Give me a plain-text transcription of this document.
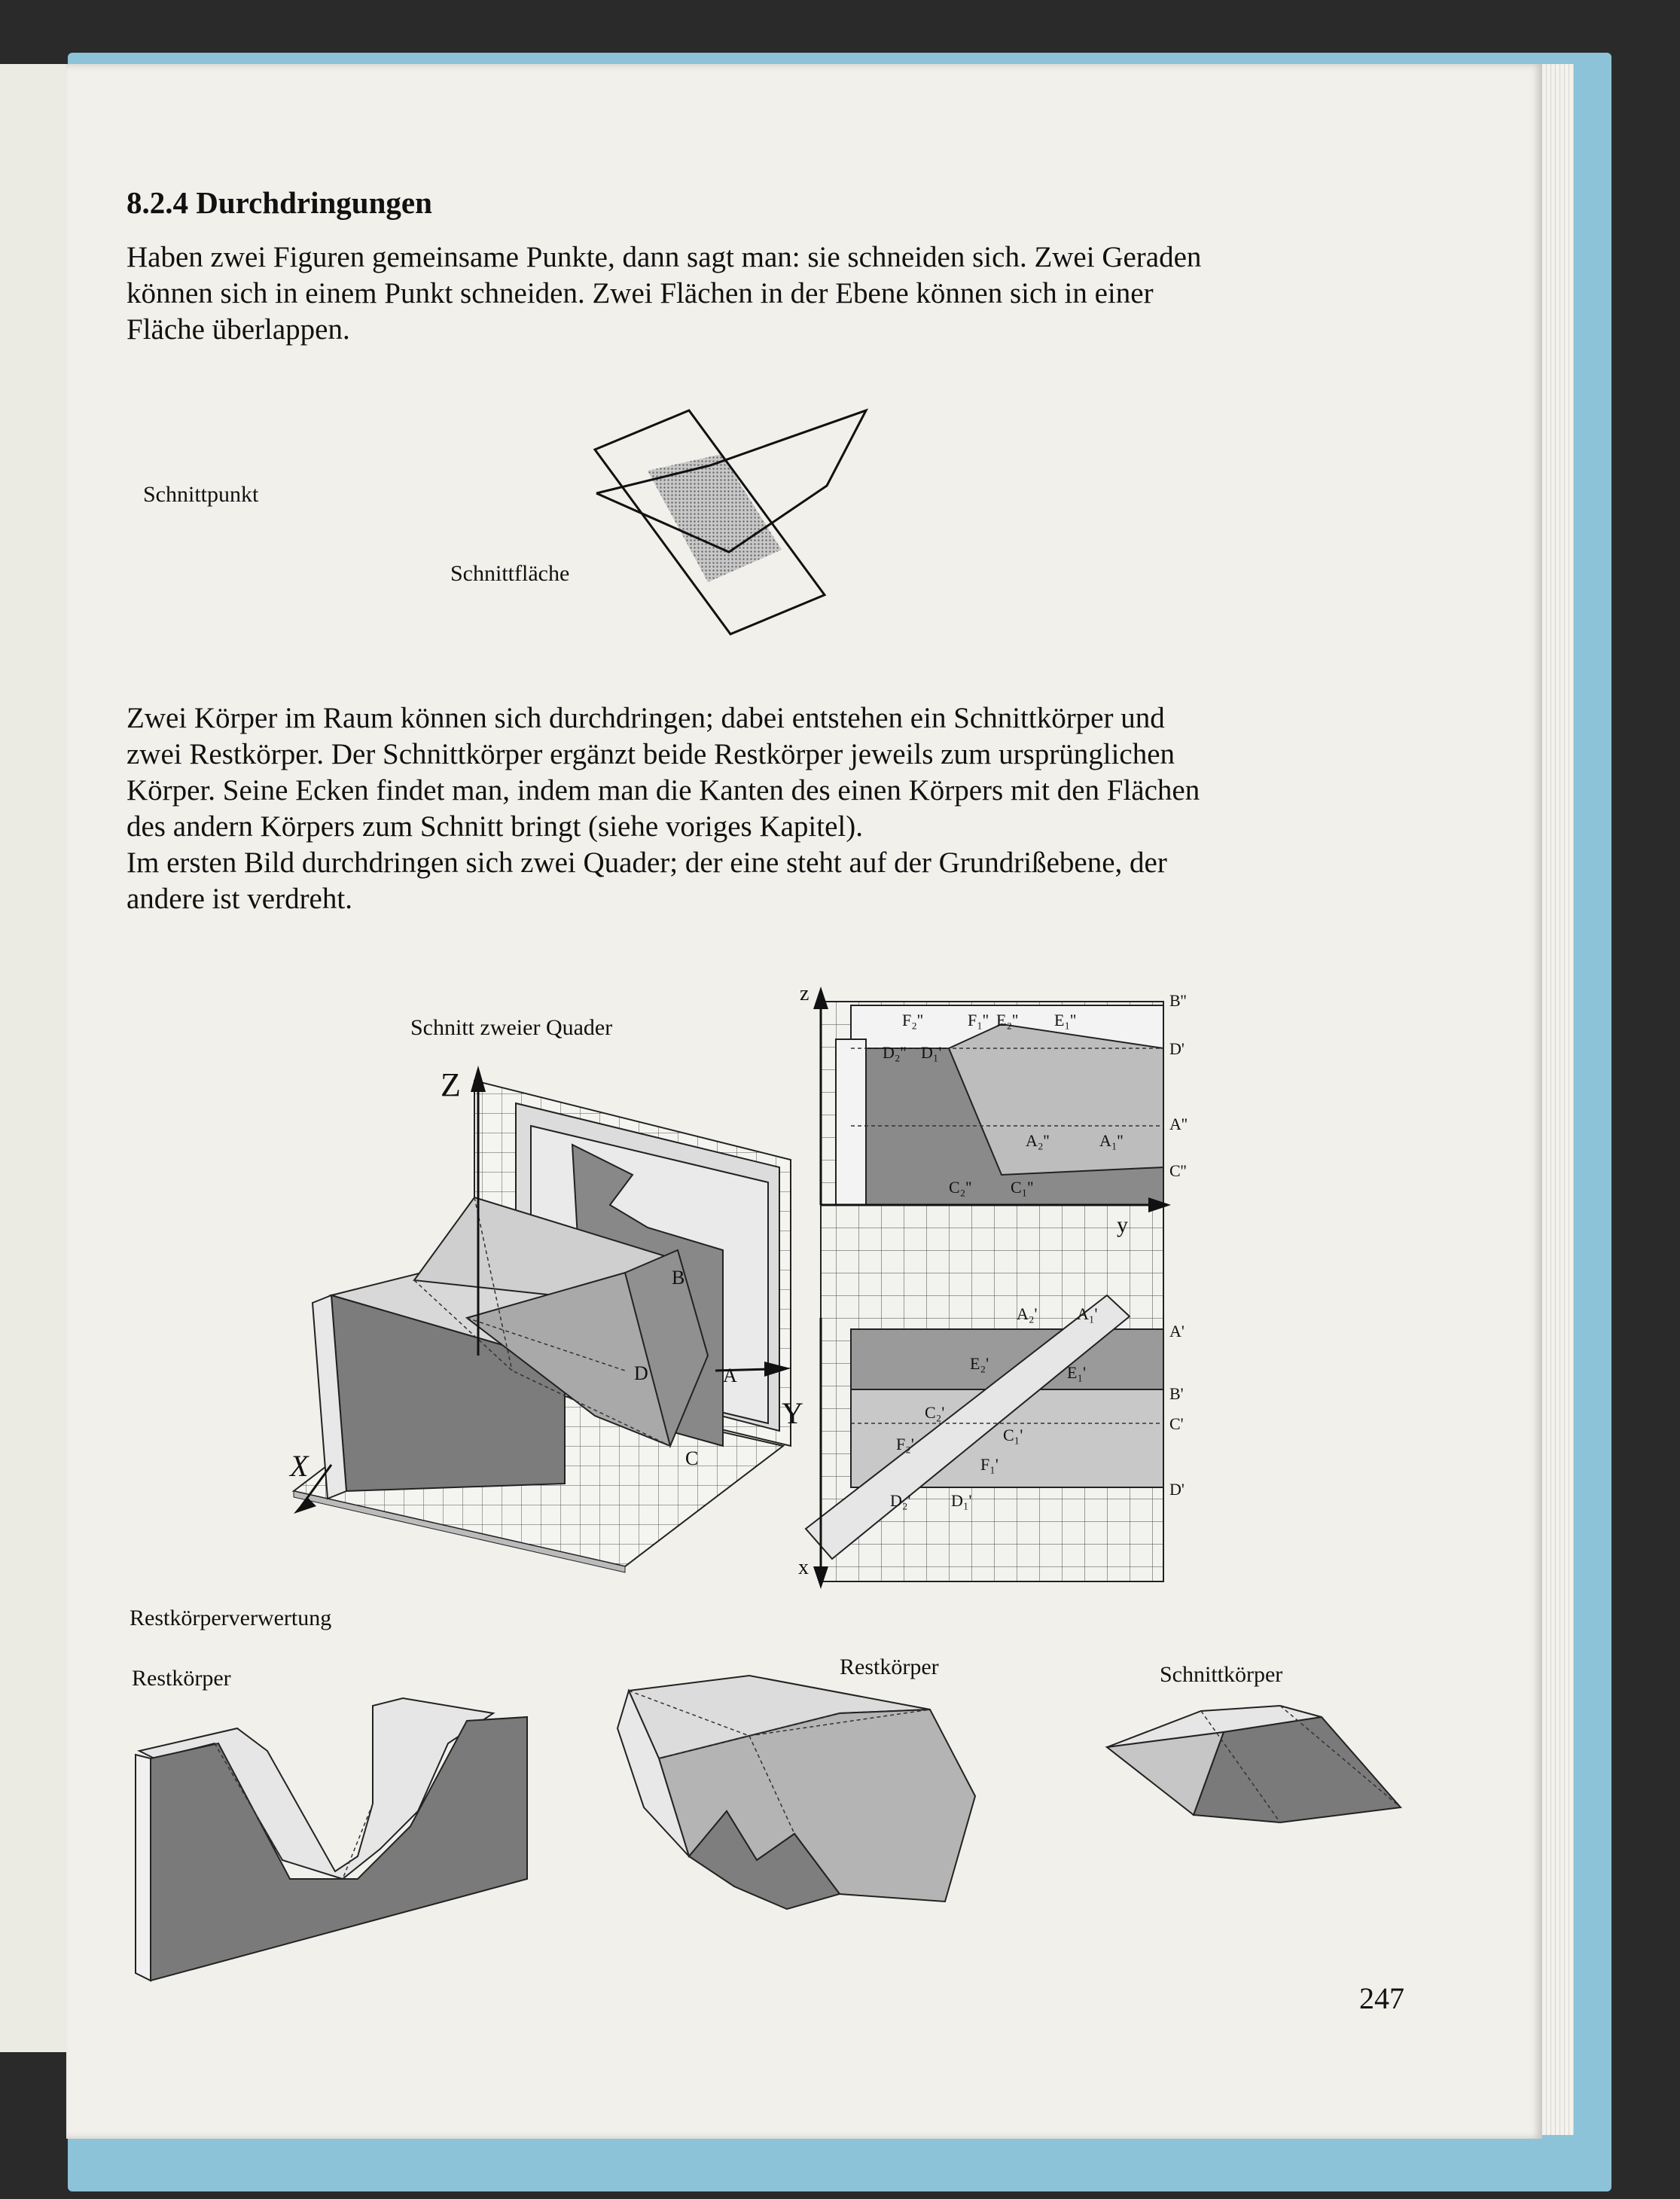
8.2.4 Durchdringungen

Haben zwei Figuren gemeinsame Punkte, dann sagt man: sie schneiden sich. Zwei Geraden
können sich in einem Punkt schneiden. Zwei Flächen in der Ebene können sich in einer
Fläche überlappen.

Schnittpunkt
Schnittfläche

Zwei Körper im Raum können sich durchdringen; dabei entstehen ein Schnittkörper und
zwei Restkörper. Der Schnittkörper ergänzt beide Restkörper jeweils zum ursprünglichen
Körper. Seine Ecken findet man, indem man die Kanten des einen Körpers mit den Flächen
des andern Körpers zum Schnitt bringt (siehe voriges Kapitel).
Im ersten Bild durchdringen sich zwei Quader; der eine steht auf der Grundrißebene, der
andere ist verdreht.

Schnitt zweier Quader
Z
Y
X
B
D	A
C
z
y
x
F₂''	F₁'' E₂'' E₁''
D₂'' D₁'
A₂''	A₁''
C₂'' C₁''
B''
D'
A''
C''
A₂' A₁'
E₂'	E₁'
C₂'
F₂'	C₁'
F₁'
D₂' D₁'
A'
B'
C'
D'
Restkörperverwertung
Restkörper	Restkörper	Schnittkörper
247
